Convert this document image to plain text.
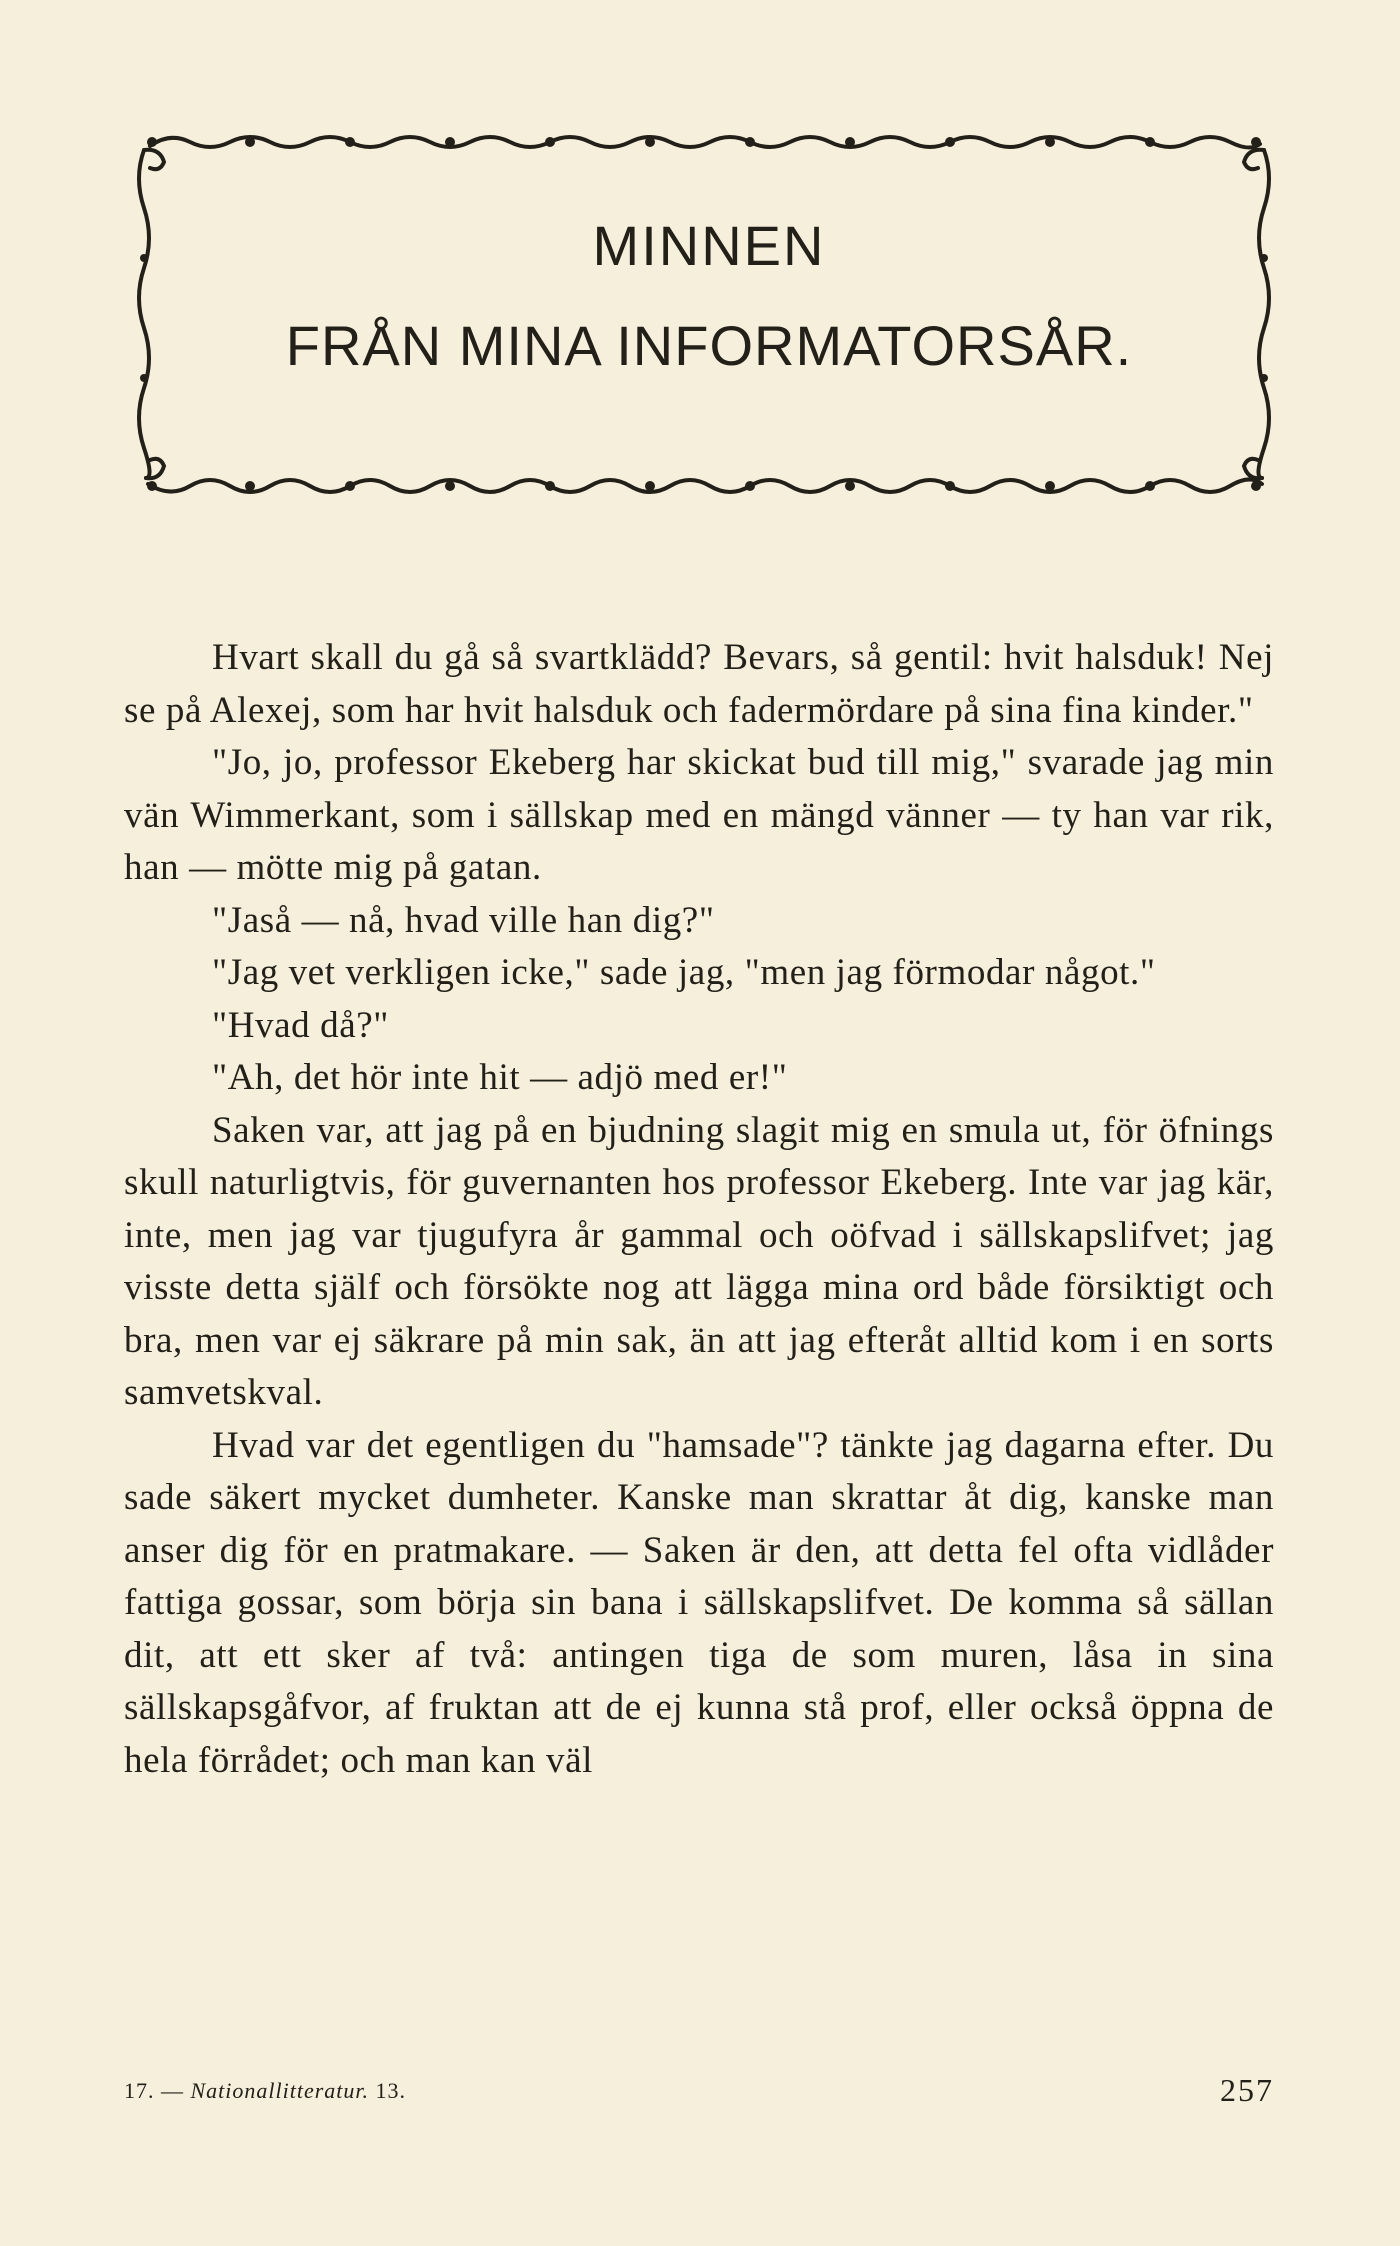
MINNEN
FRÅN MINA INFORMATORSÅR.

Hvart skall du gå så svartklädd? Bevars, så gentil: hvit halsduk! Nej se på Alexej, som har hvit halsduk och fadermördare på sina fina kinder."

"Jo, jo, professor Ekeberg har skickat bud till mig," svarade jag min vän Wimmerkant, som i sällskap med en mängd vänner — ty han var rik, han — mötte mig på gatan.

"Jaså — nå, hvad ville han dig?"

"Jag vet verkligen icke," sade jag, "men jag förmodar något."

"Hvad då?"

"Ah, det hör inte hit — adjö med er!"

Saken var, att jag på en bjudning slagit mig en smula ut, för öfnings skull naturligtvis, för guvernanten hos professor Ekeberg. Inte var jag kär, inte, men jag var tjugufyra år gammal och oöfvad i sällskapslifvet; jag visste detta själf och försökte nog att lägga mina ord både försiktigt och bra, men var ej säkrare på min sak, än att jag efteråt alltid kom i en sorts samvetskval.

Hvad var det egentligen du "hamsade"? tänkte jag dagarna efter. Du sade säkert mycket dumheter. Kanske man skrattar åt dig, kanske man anser dig för en pratmakare. — Saken är den, att detta fel ofta vidlåder fattiga gossar, som börja sin bana i sällskapslifvet. De komma så sällan dit, att ett sker af två: antingen tiga de som muren, låsa in sina sällskapsgåfvor, af fruktan att de ej kunna stå prof, eller också öppna de hela förrådet; och man kan väl

17. — Nationallitteratur. 13.	257
